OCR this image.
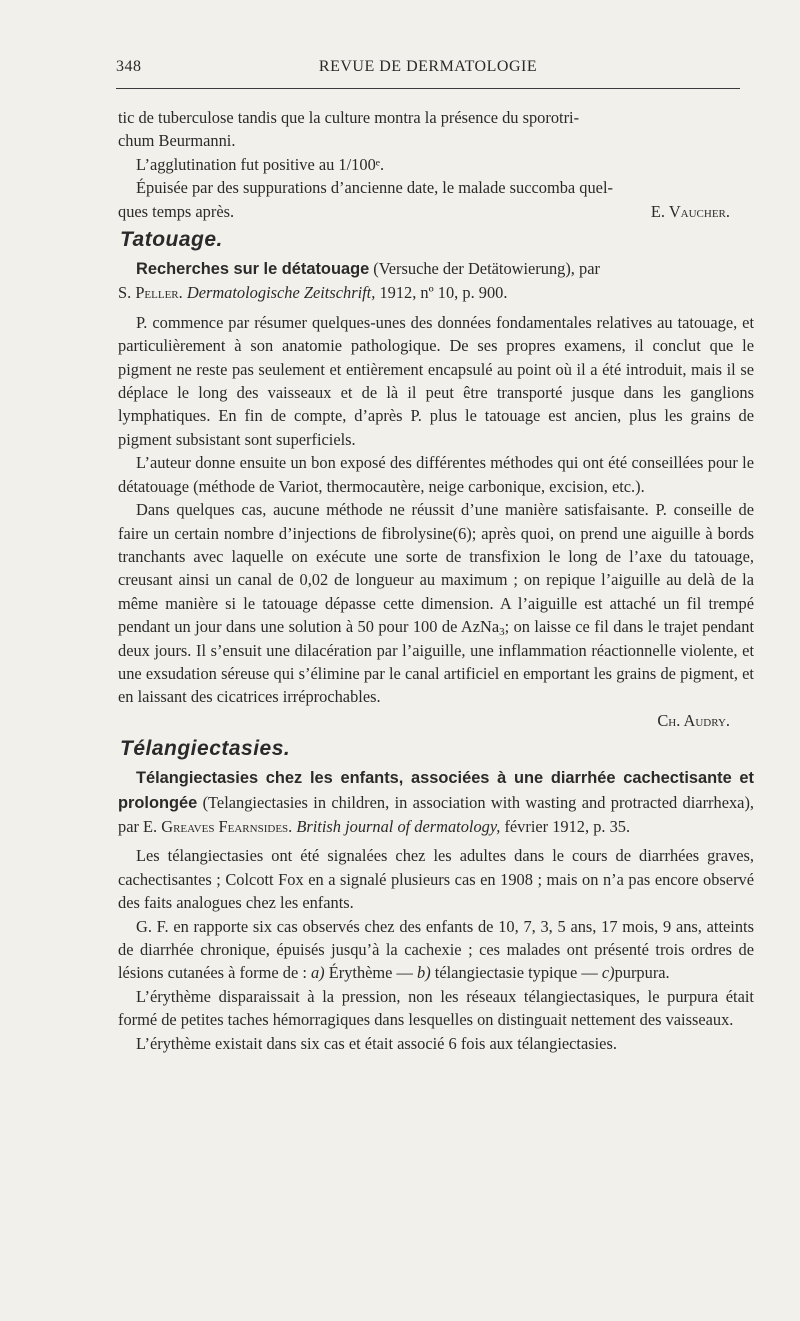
348	REVUE DE DERMATOLOGIE

tic de tuberculose tandis que la culture montra la présence du sporotri-

chum Beurmanni.

L’agglutination fut positive au 1/100ᵉ.

Épuisée par des suppurations d’ancienne date, le malade succomba quel-

ques temps après.	E. Vaucher.

Tatouage.

Recherches sur le détatouage (Versuche der Detätowierung), par
S. Peller. Dermatologische Zeitschrift, 1912, nº 10, p. 900.

P. commence par résumer quelques-unes des données fondamentales relatives au tatouage, et particulièrement à son anatomie pathologique. De ses propres examens, il conclut que le pigment ne reste pas seulement et entièrement encapsulé au point où il a été introduit, mais il se déplace le long des vaisseaux et de là il peut être transporté jusque dans les ganglions lymphatiques. En fin de compte, d’après P. plus le tatouage est ancien, plus les grains de pigment subsistant sont superficiels.

L’auteur donne ensuite un bon exposé des différentes méthodes qui ont été conseillées pour le détatouage (méthode de Variot, thermocautère, neige carbonique, excision, etc.).

Dans quelques cas, aucune méthode ne réussit d’une manière satisfaisante. P. conseille de faire un certain nombre d’injections de fibrolysine(6); après quoi, on prend une aiguille à bords tranchants avec laquelle on exécute une sorte de transfixion le long de l’axe du tatouage, creusant ainsi un canal de 0,02 de longueur au maximum ; on repique l’aiguille au delà de la même manière si le tatouage dépasse cette dimension. A l’aiguille est attaché un fil trempé pendant un jour dans une solution à 50 pour 100 de AzNa$_3$; on laisse ce fil dans le trajet pendant deux jours. Il s’ensuit une dilacération par l’aiguille, une inflammation réactionnelle violente, et une exsudation séreuse qui s’élimine par le canal artificiel en emportant les grains de pigment, et en laissant des cicatrices irréprochables.

Ch. Audry.

Télangiectasies.

Télangiectasies chez les enfants, associées à une diarrhée cachectisante et prolongée (Telangiectasies in children, in association with wasting and protracted diarrhexa), par E. Greaves Fearnsides. British journal of dermatology, février 1912, p. 35.

Les télangiectasies ont été signalées chez les adultes dans le cours de diarrhées graves, cachectisantes ; Colcott Fox en a signalé plusieurs cas en 1908 ; mais on n’a pas encore observé des faits analogues chez les enfants.

G. F. en rapporte six cas observés chez des enfants de 10, 7, 3, 5 ans, 17 mois, 9 ans, atteints de diarrhée chronique, épuisés jusqu’à la cachexie ; ces malades ont présenté trois ordres de lésions cutanées à forme de : a) Érythème — b) télangiectasie typique — c)purpura.

L’érythème disparaissait à la pression, non les réseaux télangiectasiques, le purpura était formé de petites taches hémorragiques dans lesquelles on distinguait nettement des vaisseaux.

L’érythème existait dans six cas et était associé 6 fois aux télangiectasies.
